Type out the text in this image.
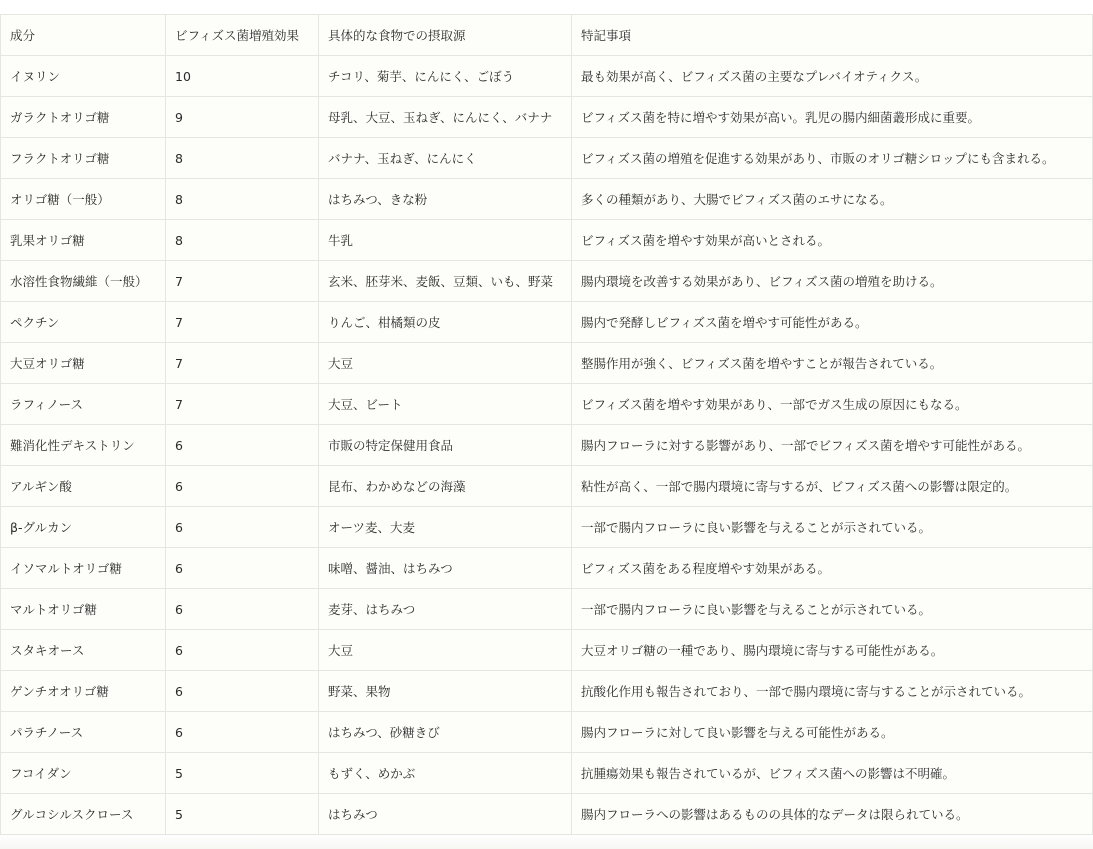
成分	ビフィズス菌増殖効果	具体的な食物での摂取源	特記事項
イヌリン	10	チコリ、菊芋、にんにく、ごぼう	最も効果が高く、ビフィズス菌の主要なプレバイオティクス。
ガラクトオリゴ糖	9	母乳、大豆、玉ねぎ、にんにく、バナナ	ビフィズス菌を特に増やす効果が高い。乳児の腸内細菌叢形成に重要。
フラクトオリゴ糖	8	バナナ、玉ねぎ、にんにく	ビフィズス菌の増殖を促進する効果があり、市販のオリゴ糖シロップにも含まれる。
オリゴ糖（一般）	8	はちみつ、きな粉	多くの種類があり、大腸でビフィズス菌のエサになる。
乳果オリゴ糖	8	牛乳	ビフィズス菌を増やす効果が高いとされる。
水溶性食物繊維（一般）	7	玄米、胚芽米、麦飯、豆類、いも、野菜	腸内環境を改善する効果があり、ビフィズス菌の増殖を助ける。
ペクチン	7	りんご、柑橘類の皮	腸内で発酵しビフィズス菌を増やす可能性がある。
大豆オリゴ糖	7	大豆	整腸作用が強く、ビフィズス菌を増やすことが報告されている。
ラフィノース	7	大豆、ビート	ビフィズス菌を増やす効果があり、一部でガス生成の原因にもなる。
難消化性デキストリン	6	市販の特定保健用食品	腸内フローラに対する影響があり、一部でビフィズス菌を増やす可能性がある。
アルギン酸	6	昆布、わかめなどの海藻	粘性が高く、一部で腸内環境に寄与するが、ビフィズス菌への影響は限定的。
β-グルカン	6	オーツ麦、大麦	一部で腸内フローラに良い影響を与えることが示されている。
イソマルトオリゴ糖	6	味噌、醤油、はちみつ	ビフィズス菌をある程度増やす効果がある。
マルトオリゴ糖	6	麦芽、はちみつ	一部で腸内フローラに良い影響を与えることが示されている。
スタキオース	6	大豆	大豆オリゴ糖の一種であり、腸内環境に寄与する可能性がある。
ゲンチオオリゴ糖	6	野菜、果物	抗酸化作用も報告されており、一部で腸内環境に寄与することが示されている。
パラチノース	6	はちみつ、砂糖きび	腸内フローラに対して良い影響を与える可能性がある。
フコイダン	5	もずく、めかぶ	抗腫瘍効果も報告されているが、ビフィズス菌への影響は不明確。
グルコシルスクロース	5	はちみつ	腸内フローラへの影響はあるものの具体的なデータは限られている。
